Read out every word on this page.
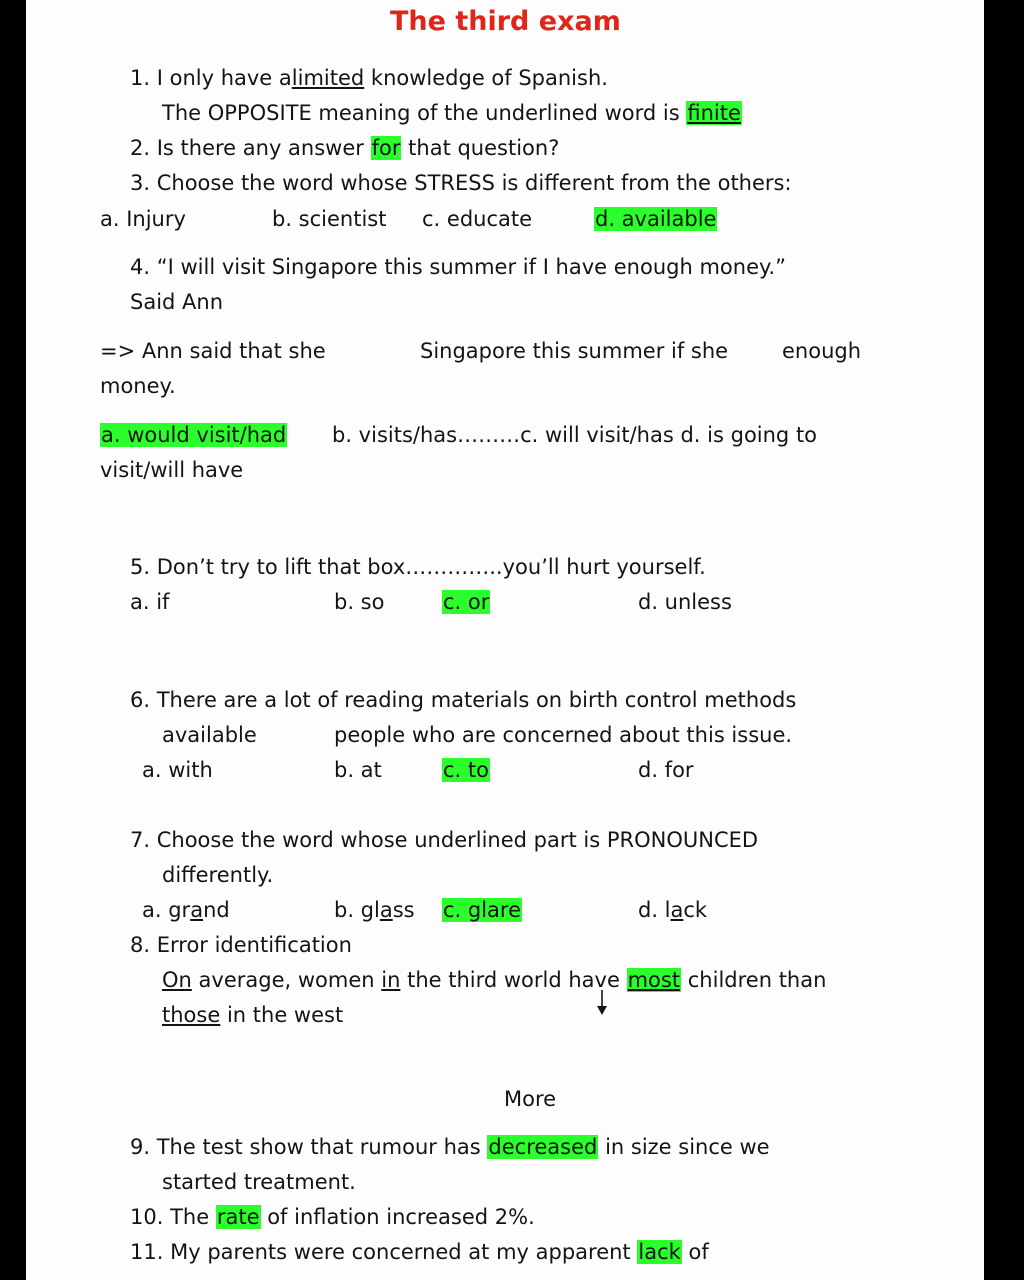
The third exam
1. I only have alimited knowledge of Spanish.
The OPPOSITE meaning of the underlined word is finite
2. Is there any answer for that question?
3. Choose the word whose STRESS is different from the others:
a. Injury	b. scientist c. educate	d. available
4. “I will visit Singapore this summer if I have enough money.”
Said Ann
=> Ann said that she	Singapore this summer if she	enough
money.
a. would visit/had b. visits/has………c. will visit/has d. is going to
visit/will have
5. Don’t try to lift that box…………..you’ll hurt yourself.
a. if	b. so	c. or	d. unless
6. There are a lot of reading materials on birth control methods
available	people who are concerned about this issue.
a. with	b. at	c. to	d. for
7. Choose the word whose underlined part is PRONOUNCED
differently.
a. grand	b. glass c. glare	d. lack
8. Error identification
On average, women in the third world have most children than
those in the west
More
9. The test show that rumour has decreased in size since we
started treatment.
10. The rate of inflation increased 2%.
11. My parents were concerned at my apparent lack of
